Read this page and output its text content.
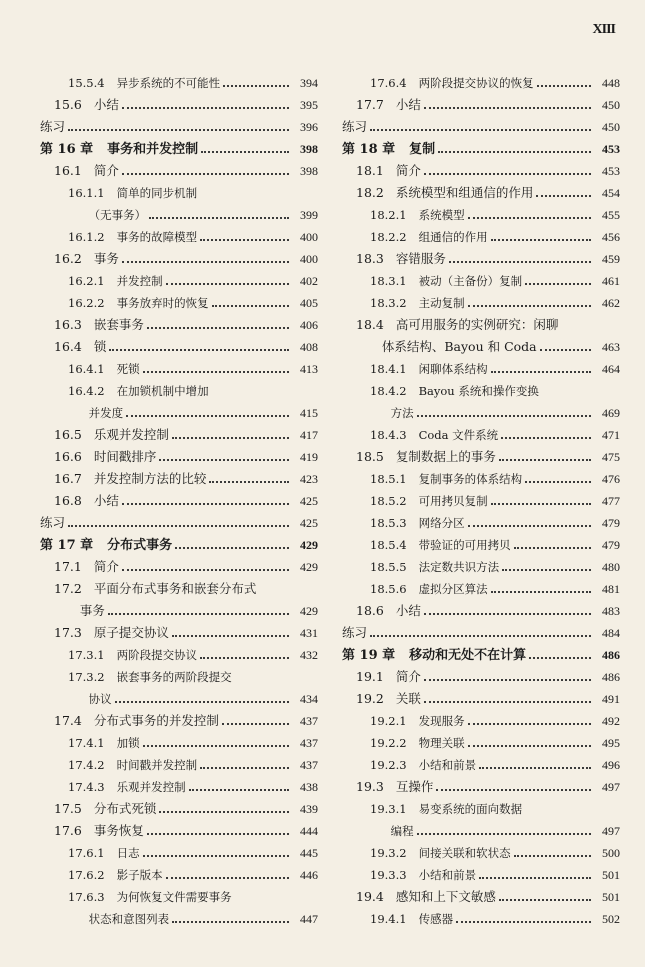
XIII
15.5.4 异步系统的不可能性	394
15.6 小结	395
练习	396
第 16 章 事务和并发控制	398
16.1 简介	398
16.1.1 简单的同步机制
（无事务）	399
16.1.2 事务的故障模型	400
16.2 事务	400
16.2.1 并发控制	402
16.2.2 事务放弃时的恢复	405
16.3 嵌套事务	406
16.4 锁	408
16.4.1 死锁	413
16.4.2 在加锁机制中增加
并发度	415
16.5 乐观并发控制	417
16.6 时间戳排序	419
16.7 并发控制方法的比较	423
16.8 小结	425
练习	425
第 17 章 分布式事务	429
17.1 简介	429
17.2 平面分布式事务和嵌套分布式
事务	429
17.3 原子提交协议	431
17.3.1 两阶段提交协议	432
17.3.2 嵌套事务的两阶段提交
协议	434
17.4 分布式事务的并发控制	437
17.4.1 加锁	437
17.4.2 时间戳并发控制	437
17.4.3 乐观并发控制	438
17.5 分布式死锁	439
17.6 事务恢复	444
17.6.1 日志	445
17.6.2 影子版本	446
17.6.3 为何恢复文件需要事务
状态和意图列表	447
17.6.4 两阶段提交协议的恢复	448
17.7 小结	450
练习	450
第 18 章 复制	453
18.1 简介	453
18.2 系统模型和组通信的作用	454
18.2.1 系统模型	455
18.2.2 组通信的作用	456
18.3 容错服务	459
18.3.1 被动（主备份）复制	461
18.3.2 主动复制	462
18.4 高可用服务的实例研究：闲聊
体系结构、Bayou 和 Coda	463
18.4.1 闲聊体系结构	464
18.4.2 Bayou 系统和操作变换
方法	469
18.4.3 Coda 文件系统	471
18.5 复制数据上的事务	475
18.5.1 复制事务的体系结构	476
18.5.2 可用拷贝复制	477
18.5.3 网络分区	479
18.5.4 带验证的可用拷贝	479
18.5.5 法定数共识方法	480
18.5.6 虚拟分区算法	481
18.6 小结	483
练习	484
第 19 章 移动和无处不在计算	486
19.1 简介	486
19.2 关联	491
19.2.1 发现服务	492
19.2.2 物理关联	495
19.2.3 小结和前景	496
19.3 互操作	497
19.3.1 易变系统的面向数据
编程	497
19.3.2 间接关联和软状态	500
19.3.3 小结和前景	501
19.4 感知和上下文敏感	501
19.4.1 传感器	502
